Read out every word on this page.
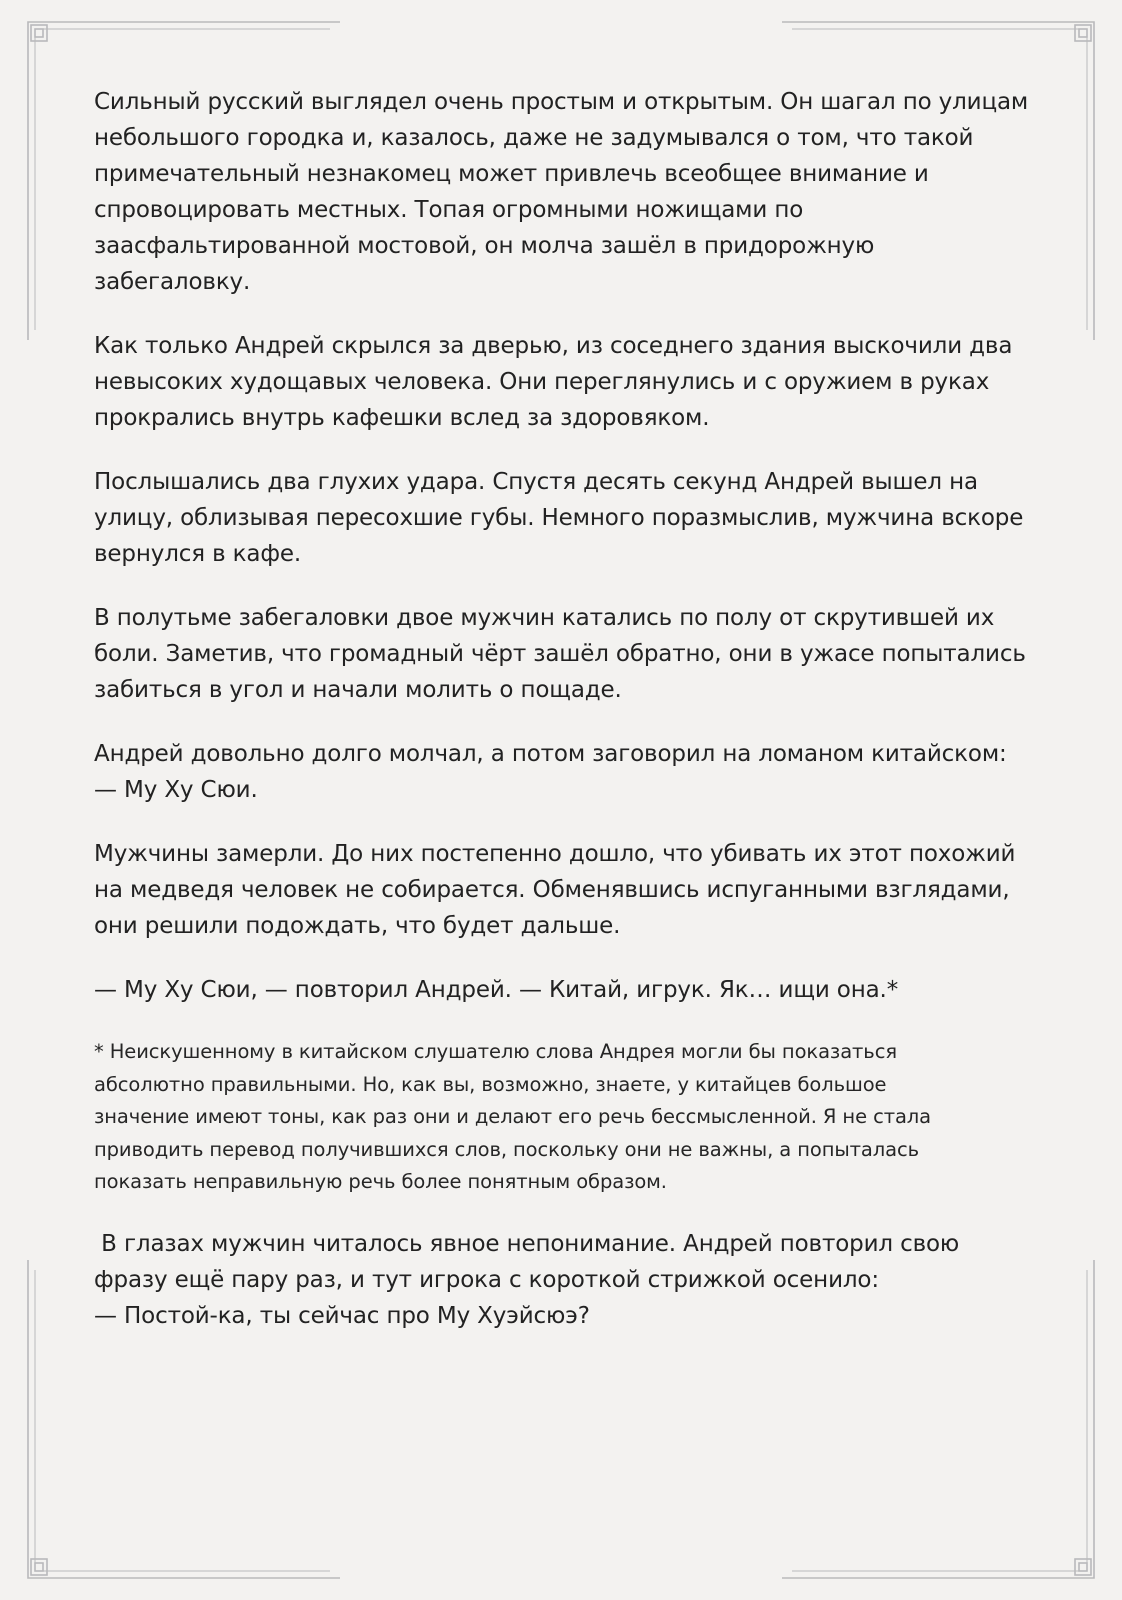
Сильный русский выглядел очень простым и открытым. Он шагал по улицам небольшого городка и, казалось, даже не задумывался о том, что такой примечательный незнакомец может привлечь всеобщее внимание и спровоцировать местных. Топая огромными ножищами по заасфальтированной мостовой, он молча зашёл в придорожную забегаловку.

Как только Андрей скрылся за дверью, из соседнего здания выскочили два невысоких худощавых человека. Они переглянулись и с оружием в руках прокрались внутрь кафешки вслед за здоровяком.

Послышались два глухих удара. Спустя десять секунд Андрей вышел на улицу, облизывая пересохшие губы. Немного поразмыслив, мужчина вскоре вернулся в кафе.

В полутьме забегаловки двое мужчин катались по полу от скрутившей их боли. Заметив, что громадный чёрт зашёл обратно, они в ужасе попытались забиться в угол и начали молить о пощаде.

Андрей довольно долго молчал, а потом заговорил на ломаном китайском:

— Му Ху Сюи.

Мужчины замерли. До них постепенно дошло, что убивать их этот похожий на медведя человек не собирается. Обменявшись испуганными взглядами, они решили подождать, что будет дальше.

— Му Ху Сюи, — повторил Андрей. — Китай, игрук. Як… ищи она.*

* Неискушенному в китайском слушателю слова Андрея могли бы показаться абсолютно правильными. Но, как вы, возможно, знаете, у китайцев большое значение имеют тоны, как раз они и делают его речь бессмысленной. Я не стала приводить перевод получившихся слов, поскольку они не важны, а попыталась показать неправильную речь более понятным образом.

В глазах мужчин читалось явное непонимание. Андрей повторил свою фразу ещё пару раз, и тут игрока с короткой стрижкой осенило:

— Постой-ка, ты сейчас про Му Хуэйсюэ?
